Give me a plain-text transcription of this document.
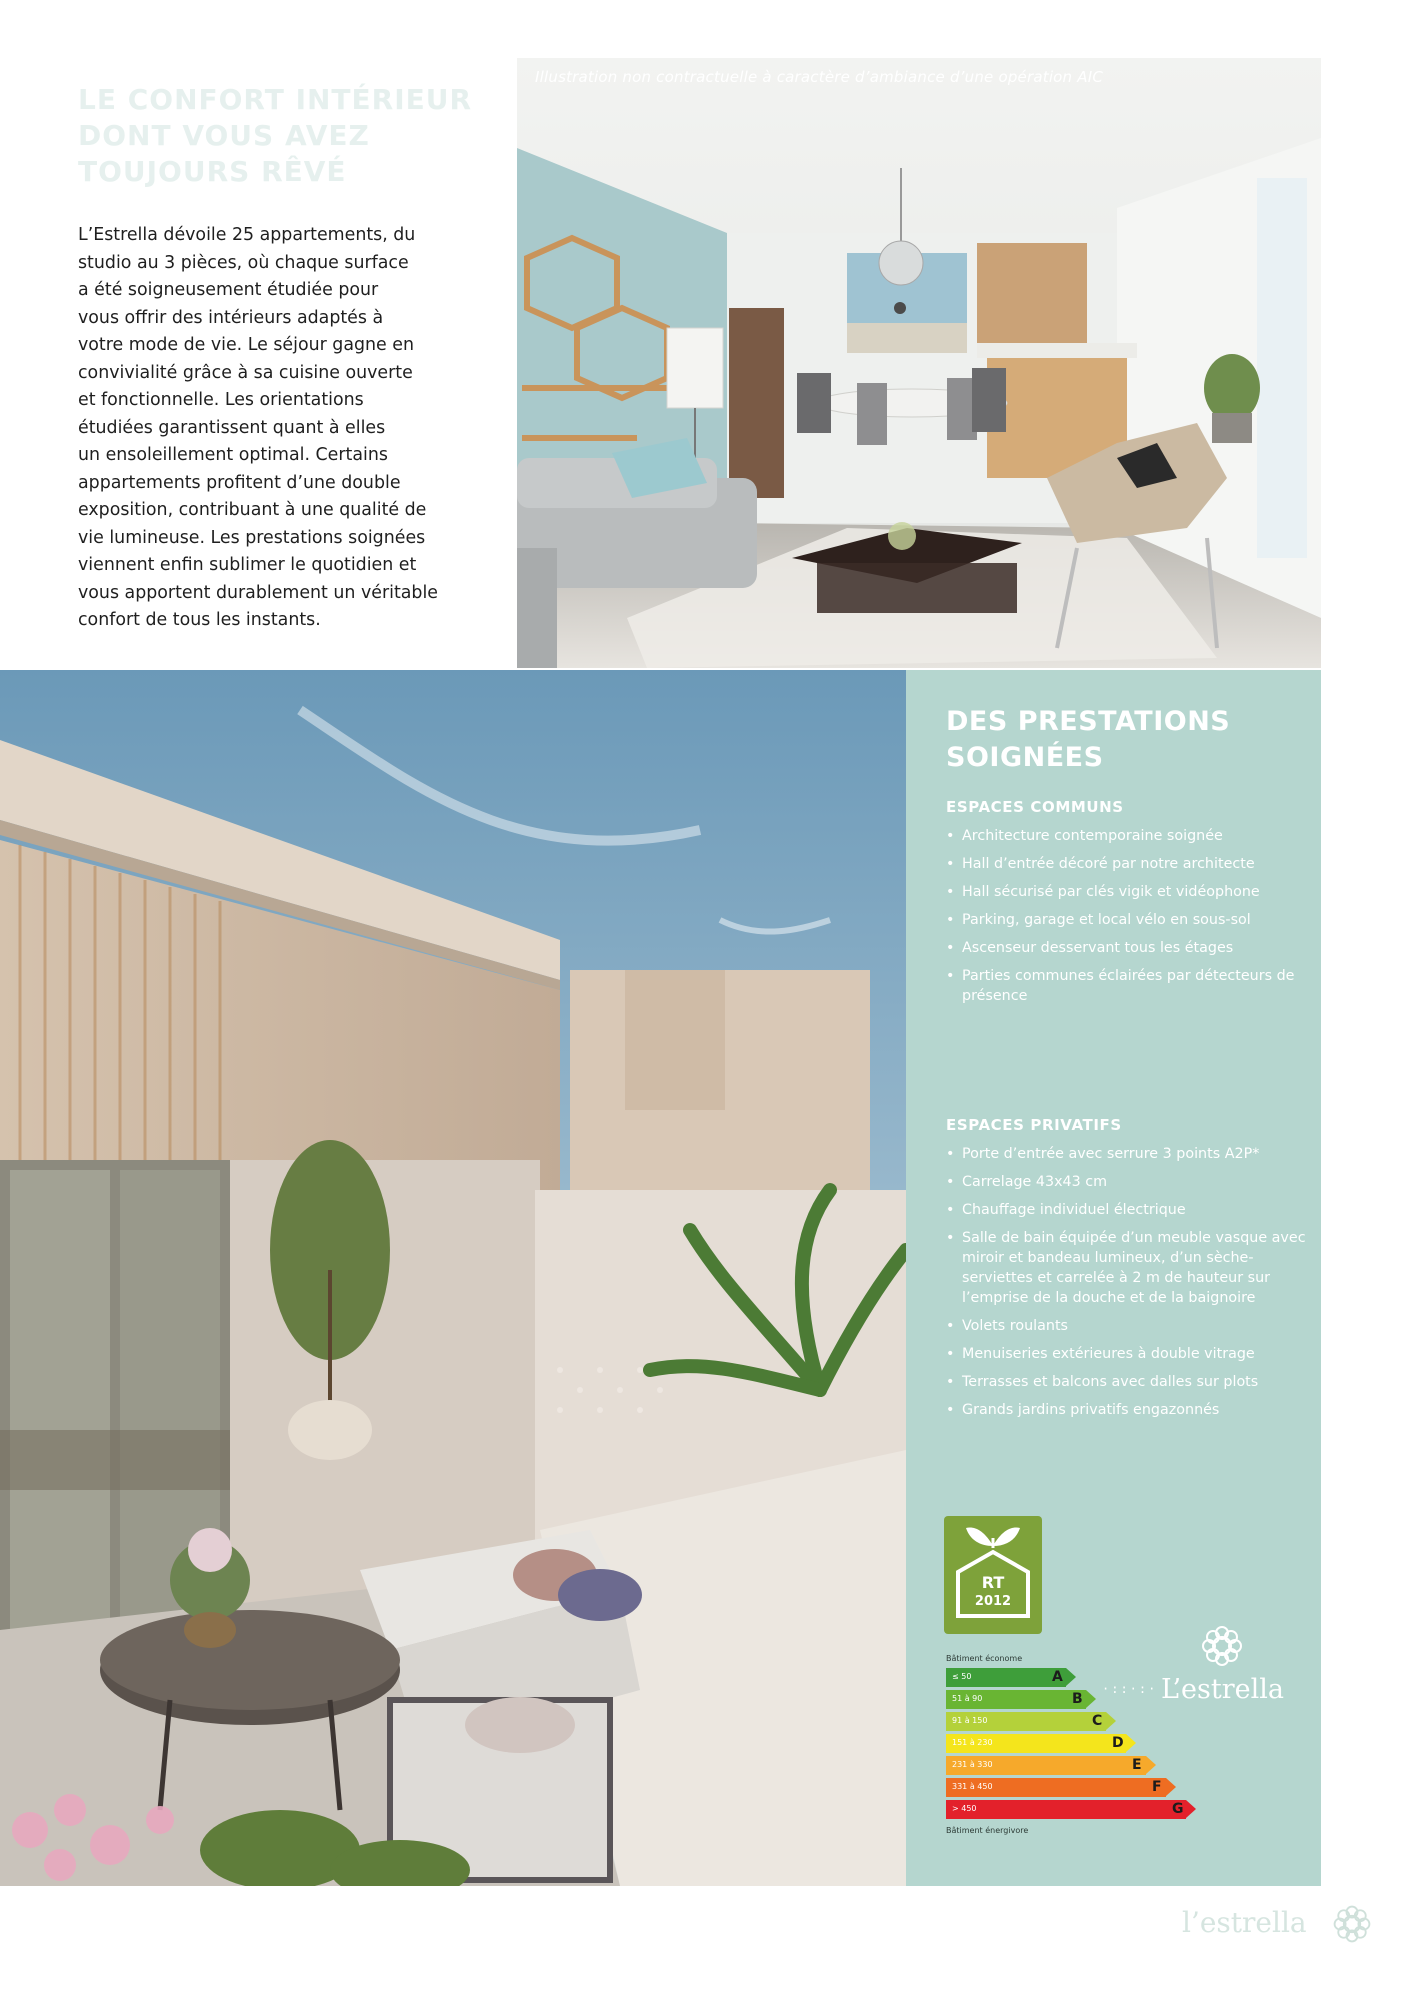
LE CONFORT INTÉRIEUR
DONT VOUS AVEZ
TOUJOURS RÊVÉ

L’Estrella dévoile 25 appartements, du
studio au 3 pièces, où chaque surface
a été soigneusement étudiée pour
vous offrir des intérieurs adaptés à
votre mode de vie. Le séjour gagne en
convivialité grâce à sa cuisine ouverte
et fonctionnelle. Les orientations
étudiées garantissent quant à elles
un ensoleillement optimal. Certains
appartements profitent d’une double
exposition, contribuant à une qualité de
vie lumineuse. Les prestations soignées
viennent enfin sublimer le quotidien et
vous apportent durablement un véritable
confort de tous les instants.

Illustration non contractuelle à caractère d’ambiance d’une opération AIC
DES PRESTATIONS
SOIGNÉES
ESPACES COMMUNS
• Architecture contemporaine soignée
• Hall d’entrée décoré par notre architecte
• Hall sécurisé par clés vigik et vidéophone
• Parking, garage et local vélo en sous-sol
• Ascenseur desservant tous les étages
• Parties communes éclairées par détecteurs de présence
ESPACES PRIVATIFS
• Porte d’entrée avec serrure 3 points A2P*
• Carrelage 43x43 cm
• Chauffage individuel électrique
• Salle de bain équipée d’un meuble vasque avec miroir et bandeau lumineux, d’un sèche-serviettes et carrelée à 2 m de hauteur sur l’emprise de la douche et de la baignoire
• Volets roulants
• Menuiseries extérieures à double vitrage
• Terrasses et balcons avec dalles sur plots
• Grands jardins privatifs engazonnés
RT
2012
Bâtiment économe
≤ 50	A
51 à 90	B
91 à 150	C
151 à 230	D
231 à 330	E
331 à 450	F
> 450	G
Bâtiment énergivore
·::·:· L’estrella
l’estrella
